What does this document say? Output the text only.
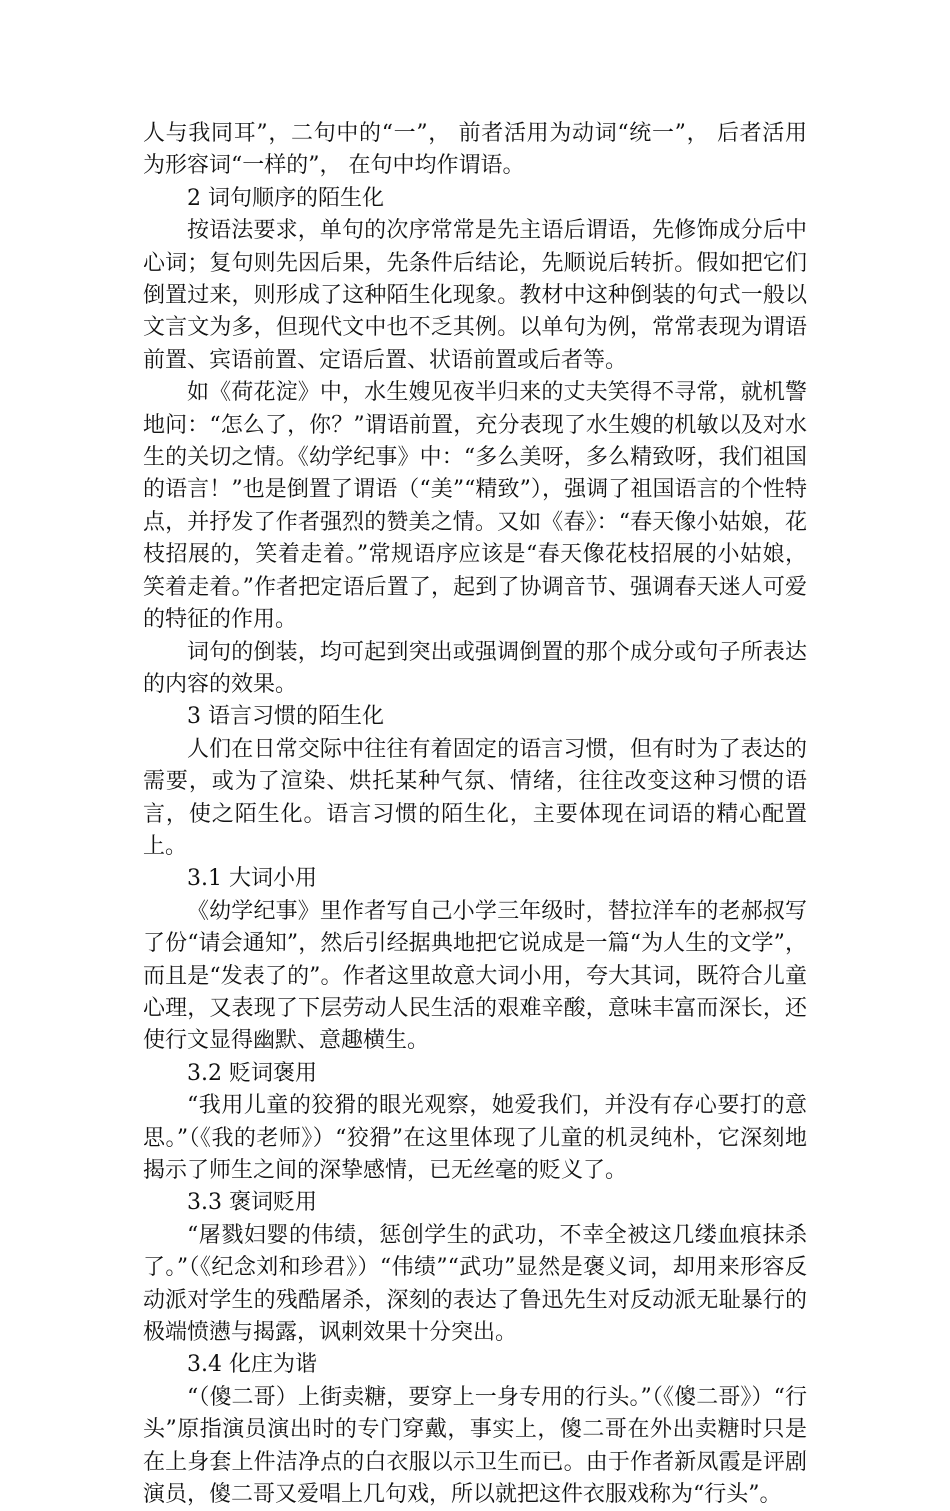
人与我同耳”，二句中的“一”， 前者活用为动词“统一”， 后者活用为形容词“一样的”， 在句中均作谓语。

2 词句顺序的陌生化

按语法要求，单句的次序常常是先主语后谓语，先修饰成分后中心词；复句则先因后果，先条件后结论，先顺说后转折。假如把它们倒置过来，则形成了这种陌生化现象。教材中这种倒装的句式一般以文言文为多，但现代文中也不乏其例。以单句为例，常常表现为谓语前置、宾语前置、定语后置、状语前置或后者等。

如《荷花淀》中，水生嫂见夜半归来的丈夫笑得不寻常，就机警地问：“怎么了，你？”谓语前置，充分表现了水生嫂的机敏以及对水生的关切之情。《幼学纪事》中：“多么美呀，多么精致呀，我们祖国的语言！”也是倒置了谓语（“美”“精致”），强调了祖国语言的个性特点，并抒发了作者强烈的赞美之情。又如《春》：“春天像小姑娘，花枝招展的，笑着走着。”常规语序应该是“春天像花枝招展的小姑娘，笑着走着。”作者把定语后置了，起到了协调音节、强调春天迷人可爱的特征的作用。

词句的倒装，均可起到突出或强调倒置的那个成分或句子所表达的内容的效果。

3 语言习惯的陌生化

人们在日常交际中往往有着固定的语言习惯，但有时为了表达的需要，或为了渲染、烘托某种气氛、情绪，往往改变这种习惯的语言，使之陌生化。语言习惯的陌生化，主要体现在词语的精心配置上。

3.1 大词小用

《幼学纪事》里作者写自己小学三年级时，替拉洋车的老郝叔写了份“请会通知”，然后引经据典地把它说成是一篇“为人生的文学”，而且是“发表了的”。作者这里故意大词小用，夸大其词，既符合儿童心理，又表现了下层劳动人民生活的艰难辛酸，意味丰富而深长，还使行文显得幽默、意趣横生。

3.2 贬词褒用

“我用儿童的狡猾的眼光观察，她爱我们，并没有存心要打的意思。”（《我的老师》）“狡猾”在这里体现了儿童的机灵纯朴，它深刻地揭示了师生之间的深挚感情，已无丝毫的贬义了。

3.3 褒词贬用

“屠戮妇婴的伟绩，惩创学生的武功，不幸全被这几缕血痕抹杀了。”（《纪念刘和珍君》）“伟绩”“武功”显然是褒义词，却用来形容反动派对学生的残酷屠杀，深刻的表达了鲁迅先生对反动派无耻暴行的极端愤懑与揭露，讽刺效果十分突出。

3.4 化庄为谐

“（傻二哥）上街卖糖，要穿上一身专用的行头。”（《傻二哥》）“行头”原指演员演出时的专门穿戴，事实上，傻二哥在外出卖糖时只是在上身套上件洁净点的白衣服以示卫生而已。由于作者新凤霞是评剧演员，傻二哥又爱唱上几句戏，所以就把这件衣服戏称为“行头”。
